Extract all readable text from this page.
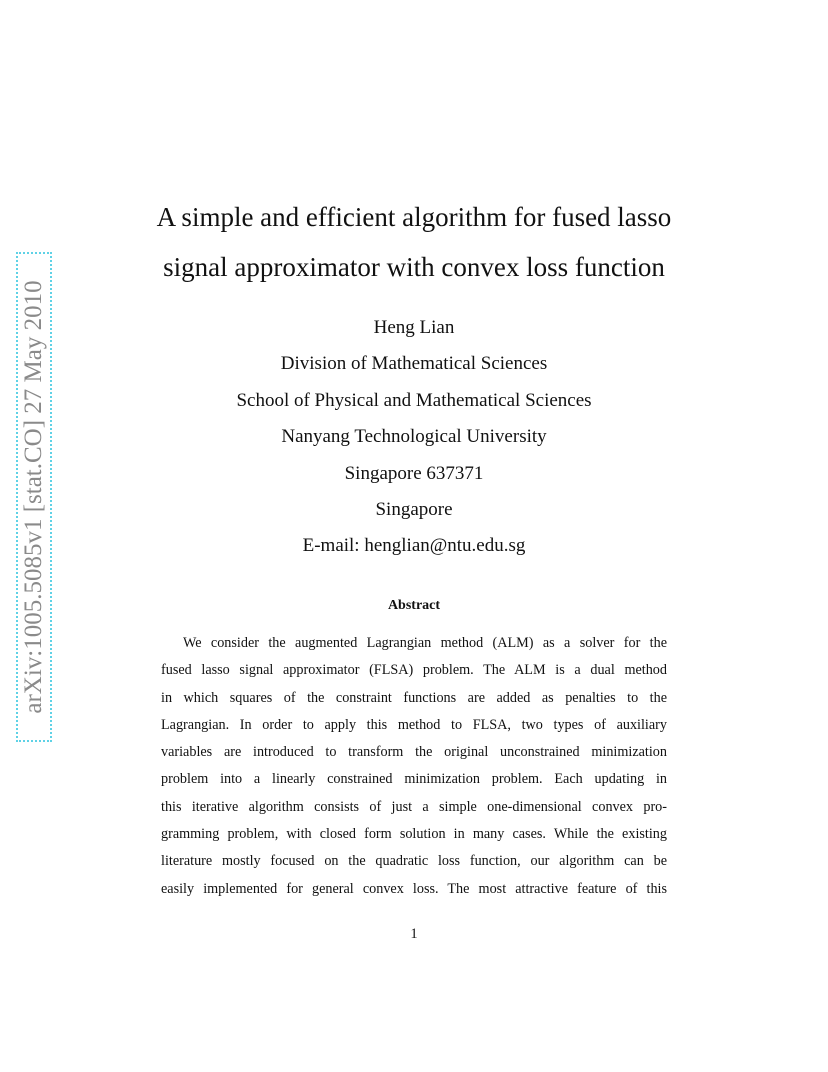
arXiv:1005.5085v1 [stat.CO] 27 May 2010
A simple and efficient algorithm for fused lasso
signal approximator with convex loss function
Heng Lian
Division of Mathematical Sciences
School of Physical and Mathematical Sciences
Nanyang Technological University
Singapore 637371
Singapore
E-mail: henglian@ntu.edu.sg
Abstract
We consider the augmented Lagrangian method (ALM) as a solver for the
fused lasso signal approximator (FLSA) problem. The ALM is a dual method
in which squares of the constraint functions are added as penalties to the
Lagrangian. In order to apply this method to FLSA, two types of auxiliary
variables are introduced to transform the original unconstrained minimization
problem into a linearly constrained minimization problem. Each updating in
this iterative algorithm consists of just a simple one-dimensional convex pro-
gramming problem, with closed form solution in many cases. While the existing
literature mostly focused on the quadratic loss function, our algorithm can be
easily implemented for general convex loss. The most attractive feature of this
1
